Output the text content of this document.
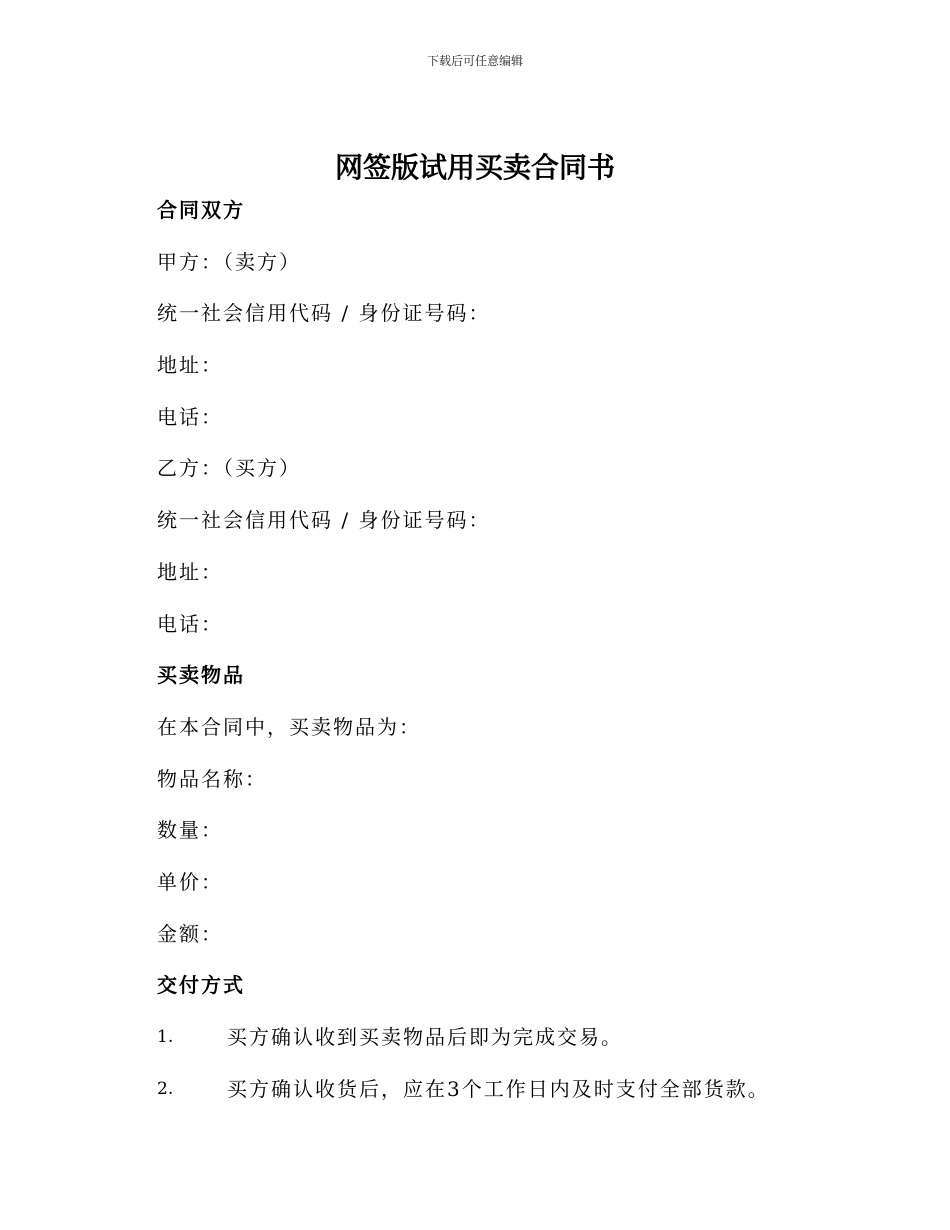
下载后可任意编辑
网签版试用买卖合同书
合同双方
甲方：（卖方）
统一社会信用代码 / 身份证号码：
地址：
电话：
乙方：（买方）
统一社会信用代码 / 身份证号码：
地址：
电话：
买卖物品
在本合同中，买卖物品为：
物品名称：
数量：
单价：
金额：
交付方式
1.	买方确认收到买卖物品后即为完成交易。
2.	买方确认收货后，应在3个工作日内及时支付全部货款。
